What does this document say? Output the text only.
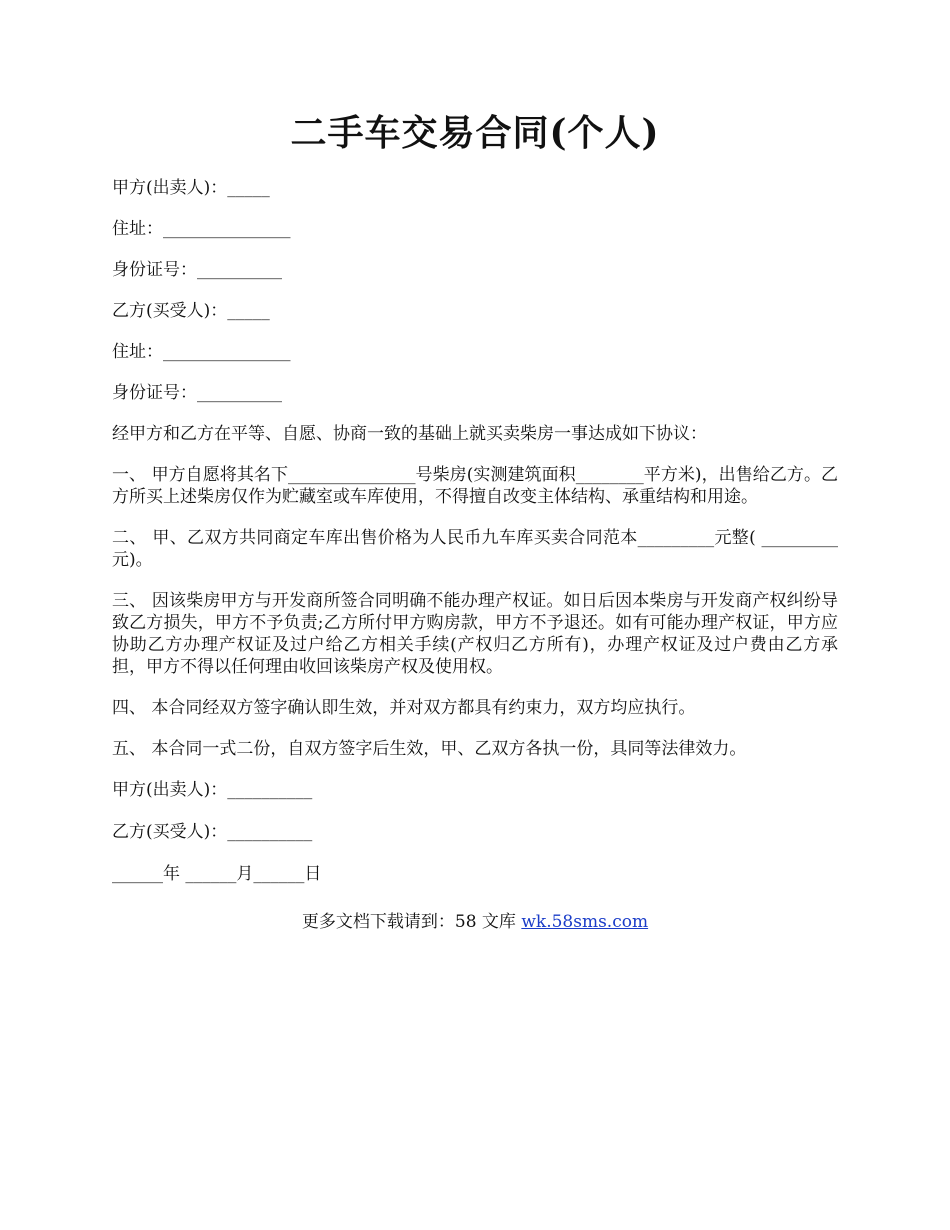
二手车交易合同(个人)

甲方(出卖人)：_____

住址：_______________

身份证号：__________

乙方(买受人)：_____

住址：_______________

身份证号：__________

经甲方和乙方在平等、自愿、协商一致的基础上就买卖柴房一事达成如下协议：

一、 甲方自愿将其名下_______________号柴房(实测建筑面积________平方米)，出售给乙方。乙方所买上述柴房仅作为贮藏室或车库使用，不得擅自改变主体结构、承重结构和用途。

二、 甲、乙双方共同商定车库出售价格为人民币九车库买卖合同范本_________元整( _________元)。

三、 因该柴房甲方与开发商所签合同明确不能办理产权证。如日后因本柴房与开发商产权纠纷导致乙方损失，甲方不予负责;乙方所付甲方购房款，甲方不予退还。如有可能办理产权证，甲方应协助乙方办理产权证及过户给乙方相关手续(产权归乙方所有)，办理产权证及过户费由乙方承担，甲方不得以任何理由收回该柴房产权及使用权。

四、 本合同经双方签字确认即生效，并对双方都具有约束力，双方均应执行。

五、 本合同一式二份，自双方签字后生效，甲、乙双方各执一份，具同等法律效力。

甲方(出卖人)：__________

乙方(买受人)：__________

______年 ______月______日

更多文档下载请到：58 文库 wk.58sms.com
